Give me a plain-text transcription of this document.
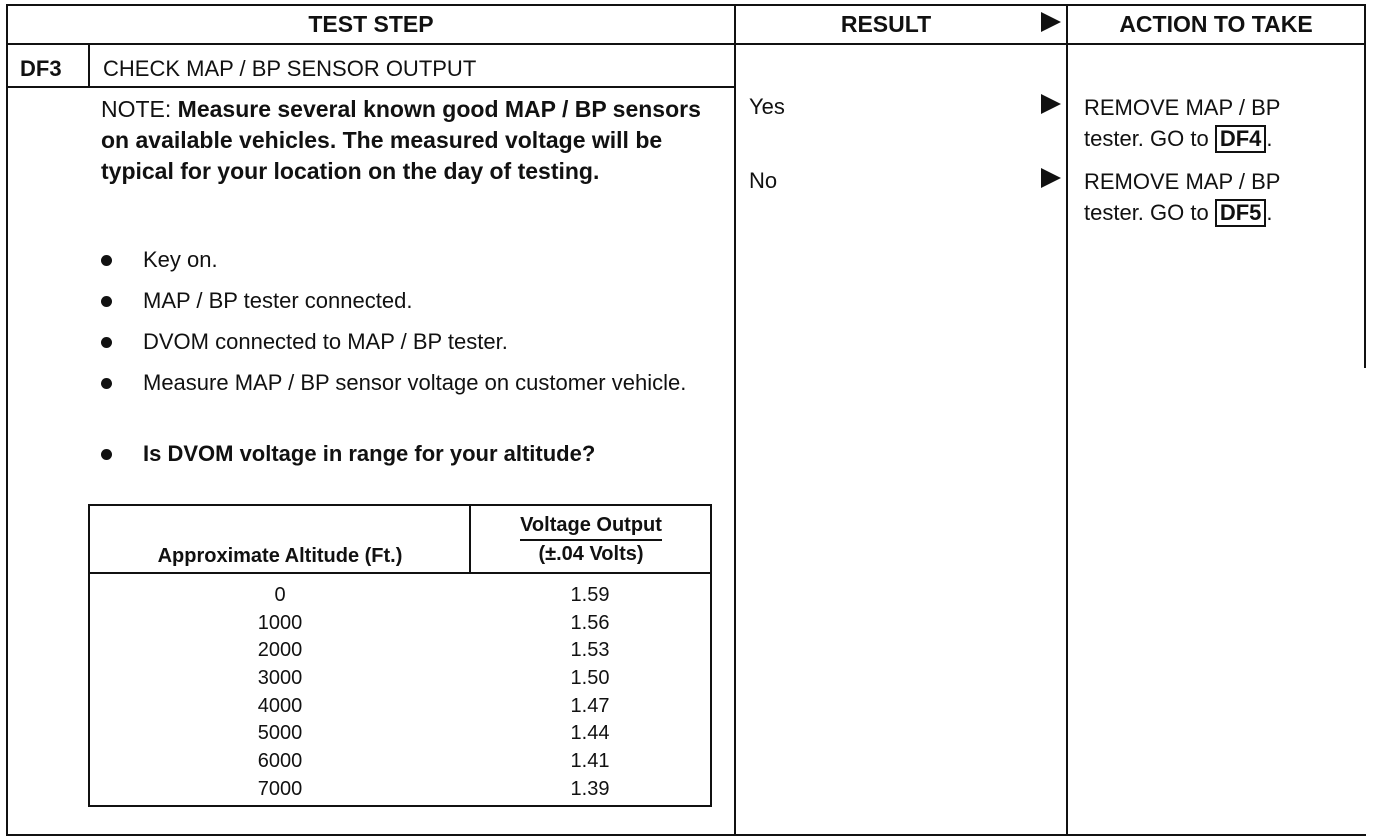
TEST STEP	RESULT	ACTION TO TAKE
DF3 CHECK MAP / BP SENSOR OUTPUT
NOTE: Measure several known good MAP / BP sensors on available vehicles. The measured voltage will be typical for your location on the day of testing.
Key on.
MAP / BP tester connected.
DVOM connected to MAP / BP tester.
Measure MAP / BP sensor voltage on customer vehicle.
Is DVOM voltage in range for your altitude?
Approximate Altitude (Ft.)
Voltage Output
(±.04 Volts)
0	1.59
1000	1.56
2000	1.53
3000	1.50
4000	1.47
5000	1.44
6000	1.41
7000	1.39
Yes	REMOVE MAP / BP
tester. GO to DF4 .
No	REMOVE MAP / BP
tester. GO to DF5 .
